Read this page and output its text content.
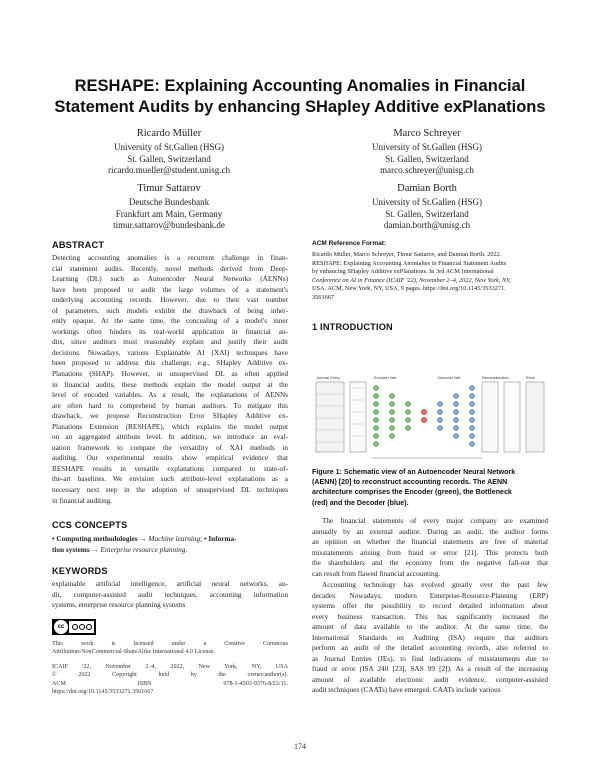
RESHAPE: Explaining Accounting Anomalies in Financial
Statement Audits by enhancing SHapley Additive exPlanations
Ricardo Müller
University of St.Gallen (HSG)
St. Gallen, Switzerland
ricardo.mueller@student.unisg.ch
Marco Schreyer
University of St.Gallen (HSG)
St. Gallen, Switzerland
marco.schreyer@unisg.ch
Timur Sattarov
Deutsche Bundesbank
Frankfurt am Main, Germany
timur.sattarov@bundesbank.de
Damian Borth
University of St.Gallen (HSG)
St. Gallen, Switzerland
damian.borth@unisg.ch
ABSTRACT
Detecting accounting anomalies is a recurrent challenge in finan-
cial statement audits. Recently, novel methods derived from Deep-
Learning (DL) such as Autoencoder Neural Networks (AENNs)
have been proposed to audit the large volumes of a statement's
underlying accounting records. However, due to their vast number
of parameters, such models exhibit the drawback of being inher-
ently opaque. At the same time, the concealing of a model's inner
workings often hinders its real-world application in financial au-
dits, since auditors must reasonably explain and justify their audit
decisions. Nowadays, various Explainable AI (XAI) techniques have
been proposed to address this challenge, e.g., SHapley Additive ex-
Planations (SHAP). However, in unsupervised DL as often applied
in financial audits, these methods explain the model output at the
level of encoded variables. As a result, the explanations of AENNs
are often hard to comprehend by human auditors. To mitigate this
drawback, we propose Reconstruction Error SHapley Additive ex-
Planations Extension (RESHAPE), which explains the model output
on an aggregated attribute level. In addition, we introduce an eval-
uation framework to compare the versatility of XAI methods in
auditing. Our experimental results show empirical evidence that
RESHAPE results in versatile explanations compared to state-of-
the-art baselines. We envision such attribute-level explanations as a
necessary next step in the adoption of unsupervised DL techniques
in financial auditing.
CCS CONCEPTS
• Computing methodologies → Machine learning; • Informa-
tion systems → Enterprise resource planning.
KEYWORDS
explainable artificial intelligence, artificial neural networks, au-
dit, computer-assisted audit techniques, accounting information
systems, enterprise resource planning systems
cc
This work is licensed under a Creative Commons
Attribution-NonCommercial-ShareAlike International 4.0 License.
ICAIF '22, November 2–4, 2022, New York, NY, USA
© 2022 Copyright held by the owner/author(s).
ACM ISBN 978-1-4503-9376-8/22/11.
https://doi.org/10.1145/3533271.3561667
ACM Reference Format:
Ricardo Müller, Marco Schreyer, Timur Sattarov, and Damian Borth. 2022.
RESHAPE: Explaining Accounting Anomalies in Financial Statement Audits
by enhancing SHapley Additive exPlanations. In 3rd ACM International
Conference on AI in Finance (ICAIF '22), November 2–4, 2022, New York, NY,
USA. ACM, New York, NY, USA, 9 pages. https://doi.org/10.1145/3533271.
3561667
1 INTRODUCTION
Journal Entry	Encoder Net	Decoder Net	Reconstruction	Error
Figure 1: Schematic view of an Autoencoder Neural Network
(AENN) [20] to reconstruct accounting records. The AENN
architecture comprises the Encoder (green), the Bottleneck
(red) and the Decoder (blue).
The financial statements of every major company are examined
annually by an external auditor. During an audit, the auditor forms
an opinion on whether the financial statements are free of material
misstatements arising from fraud or error [21]. This protects both
the shareholders and the economy from the negative fall-out that
can result from flawed financial accounting.
Accounting technology has evolved greatly over the past few
decades. Nowadays, modern Enterprise-Resource-Planning (ERP)
systems offer the possibility to record detailed information about
every business transaction. This has significantly increased the
amount of data available to the auditor. At the same time, the
International Standards on Auditing (ISA) require that auditors
perform an audit of the detailed accounting records, also referred to
as Journal Entries (JEs), to find indications of misstatements due to
fraud or error (ISA 240 [23], SAS 99 [2]). As a result of the increasing
amount of available electronic audit evidence, computer-assisted
audit techniques (CAATs) have emerged. CAATs include various
174
